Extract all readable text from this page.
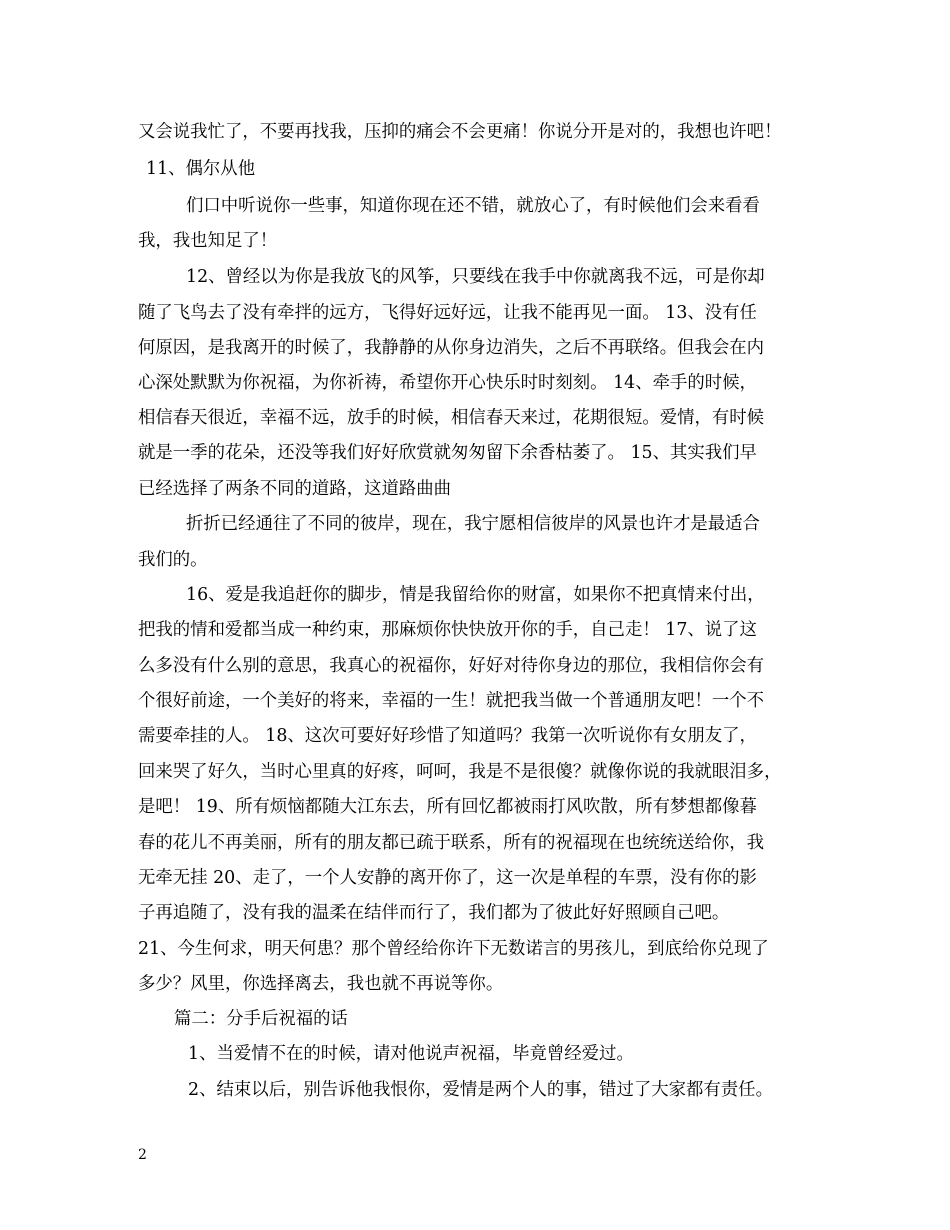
又会说我忙了，不要再找我，压抑的痛会不会更痛！你说分开是对的，我想也许吧！
11、偶尔从他
们口中听说你一些事，知道你现在还不错，就放心了，有时候他们会来看看
我，我也知足了！
12、曾经以为你是我放飞的风筝，只要线在我手中你就离我不远，可是你却
随了飞鸟去了没有牵拌的远方，飞得好远好远，让我不能再见一面。 13、没有任
何原因，是我离开的时候了，我静静的从你身边消失，之后不再联络。但我会在内
心深处默默为你祝福，为你祈祷，希望你开心快乐时时刻刻。 14、牵手的时候，
相信春天很近，幸福不远，放手的时候，相信春天来过，花期很短。爱情，有时候
就是一季的花朵，还没等我们好好欣赏就匆匆留下余香枯萎了。 15、其实我们早
已经选择了两条不同的道路，这道路曲曲
折折已经通往了不同的彼岸，现在，我宁愿相信彼岸的风景也许才是最适合
我们的。
16、爱是我追赶你的脚步，情是我留给你的财富，如果你不把真情来付出，
把我的情和爱都当成一种约束，那麻烦你快快放开你的手，自己走！ 17、说了这
么多没有什么别的意思，我真心的祝福你，好好对待你身边的那位，我相信你会有
个很好前途，一个美好的将来，幸福的一生！就把我当做一个普通朋友吧！一个不
需要牵挂的人。 18、这次可要好好珍惜了知道吗？我第一次听说你有女朋友了，
回来哭了好久，当时心里真的好疼，呵呵，我是不是很傻？就像你说的我就眼泪多，
是吧！ 19、所有烦恼都随大江东去，所有回忆都被雨打风吹散，所有梦想都像暮
春的花儿不再美丽，所有的朋友都已疏于联系，所有的祝福现在也统统送给你，我
无牵无挂 20、走了，一个人安静的离开你了，这一次是单程的车票，没有你的影
子再追随了，没有我的温柔在结伴而行了，我们都为了彼此好好照顾自己吧。
21、今生何求，明天何患？那个曾经给你许下无数诺言的男孩儿，到底给你兑现了
多少？风里，你选择离去，我也就不再说等你。
篇二：分手后祝福的话
1、当爱情不在的时候，请对他说声祝福，毕竟曾经爱过。
2、结束以后，别告诉他我恨你，爱情是两个人的事，错过了大家都有责任。
2
